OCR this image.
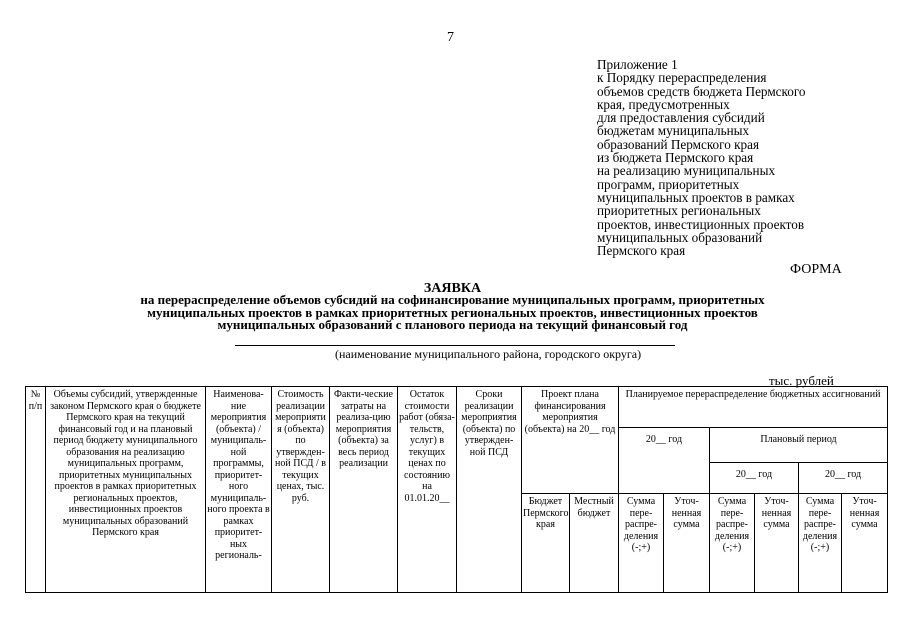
7
Приложение 1
к Порядку перераспределения
объемов средств бюджета Пермского
края, предусмотренных
для предоставления субсидий
бюджетам муниципальных
образований Пермского края
из бюджета Пермского края
на реализацию муниципальных
программ, приоритетных
муниципальных проектов в рамках
приоритетных региональных
проектов, инвестиционных проектов
муниципальных образований
Пермского края
ФОРМА
ЗАЯВКА
на перераспределение объемов субсидий на софинансирование муниципальных программ, приоритетных
муниципальных проектов в рамках приоритетных региональных проектов, инвестиционных проектов
муниципальных образований с планового периода на текущий финансовый год
(наименование муниципального района, городского округа)
тыс. рублей
№ п/п	Объемы субсидий, утвержденные законом Пермского края о бюджете Пермского края на текущий финансовый год и на плановый период бюджету муниципального образования на реализацию муниципальных программ, приоритетных муниципальных проектов в рамках приоритетных региональных проектов, инвестиционных проектов муниципальных образований Пермского края	Наименова-ние мероприятия (объекта) / муниципаль-ной программы, приоритет-ного муниципаль-ного проекта в рамках приоритет-ных региональ-	Стоимость реализации мероприяти я (объекта) по утвержден-ной ПСД / в текущих ценах, тыс. руб.	Факти-ческие затраты на реализа-цию мероприятия (объекта) за весь период реализации	Остаток стоимости работ (обяза-тельств, услуг) в текущих ценах по состоянию на 01.01.20__	Сроки реализации мероприятия (объекта) по утвержден-ной ПСД	Проект плана финансирования мероприятия (объекта) на 20__ год		Планируемое перераспределение бюджетных ассигнований					
									20__ год		Плановый период			
											20__ год		20__ год	
							Бюджет Пермского края	Местный бюджет	Сумма пере-распре-деления (-;+)	Уточ-ненная сумма	Сумма пере-распре-деления (-;+)	Уточ-ненная сумма	Сумма пере-распре-деления (-;+)	Уточ-ненная сумма
